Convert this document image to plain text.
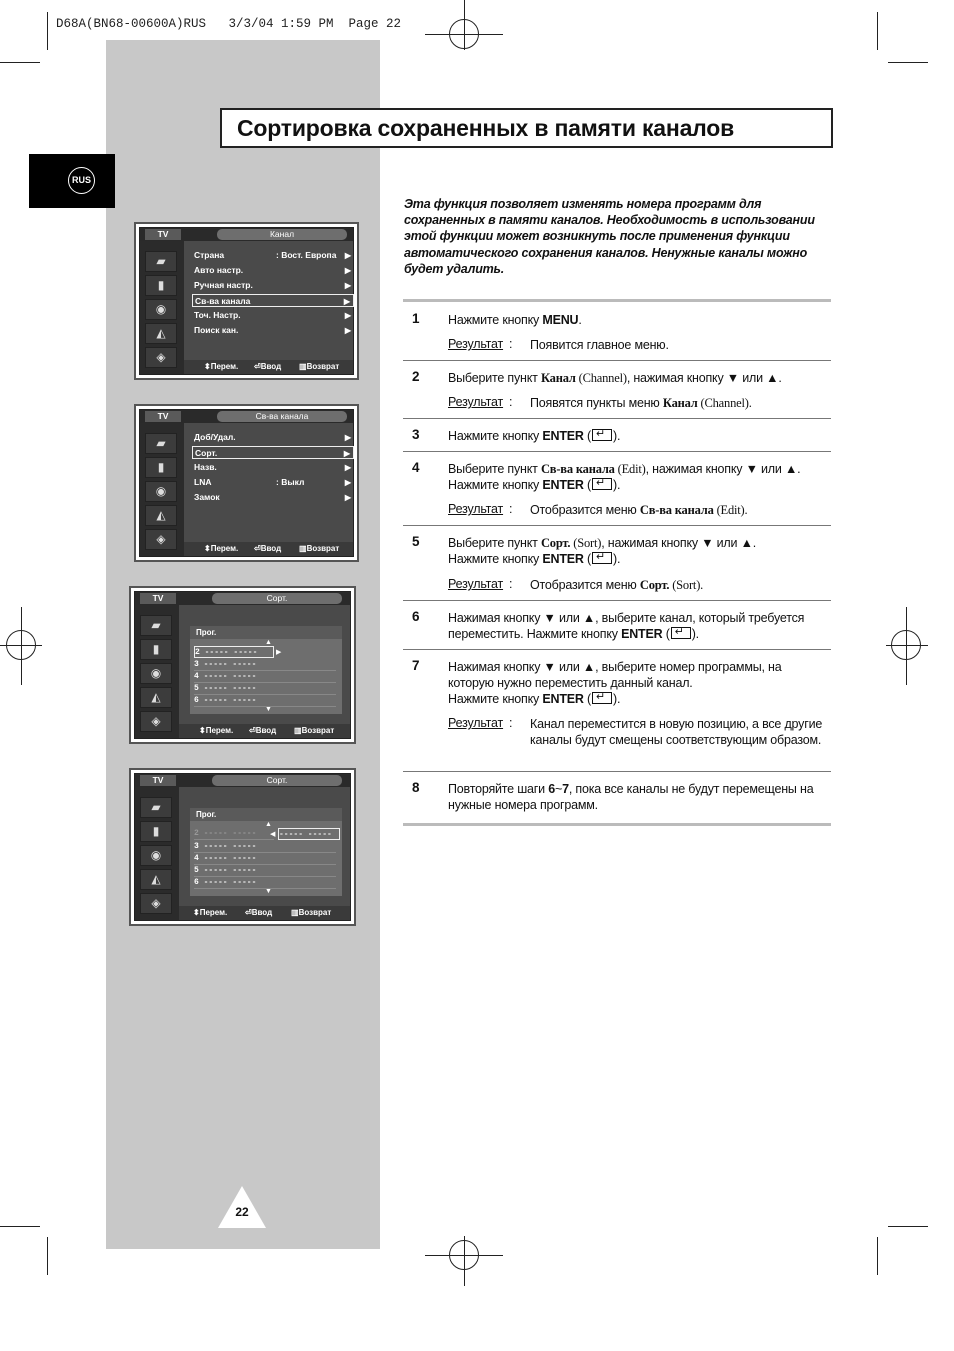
D68A(BN68-00600A)RUS   3/3/04 1:59 PM  Page 22
Сортировка сохраненных в памяти каналов
RUS
Эта функция позволяет изменять номера программ для сохраненных в памяти каналов. Необходимость в использовании этой функции может возникнуть после применения функции автоматического сохранения каналов. Ненужные каналы можно будет удалить.
TV	Канал
▰
▮
◉
◭
◈
Страна	: Вост. Европа ▶
Авто настр.	▶
Ручная настр.	▶
Св-ва канала	▶
Точ. Настр.	▶
Поиск кан.	▶
⬍ Перем. ⏎ Ввод ▥ Возврат
TV	Св-ва канала
▰
▮
◉
◭
◈
Доб/Удал.	▶
Сорт.	▶
Назв.	▶
LNA	: Выкл	▶
Замок	▶
⬍ Перем. ⏎ Ввод ▥ Возврат
TV	Сорт.
▰
▮
◉
◭
◈
Прог.
▲
2 ----- -----	▶
3 ----- -----
4 ----- -----
5 ----- -----
6 ----- -----
▼
⬍ Перем. ⏎ Ввод ▥ Возврат
TV	Сорт.
▰
▮
◉
◭
◈
Прог.
▲
2 ----- -----	◀ ----- -----
3 ----- -----
4 ----- -----
5 ----- -----
6 ----- -----
▼
⬍ Перем. ⏎ Ввод ▥ Возврат
1 Нажмите кнопку MENU.
Результат : Появится главное меню.
2 Выберите пункт Канал (Channel), нажимая кнопку ▼ или ▲.
Результат : Появятся пункты меню Канал (Channel).
3 Нажмите кнопку ENTER ( ↵ ).
4 Выберите пункт Св-ва канала (Edit), нажимая кнопку ▼ или ▲.
Нажмите кнопку ENTER ( ↵ ).
Результат : Отобразится меню Св-ва канала (Edit).
5 Выберите пункт Сорт. (Sort), нажимая кнопку ▼ или ▲.
Нажмите кнопку ENTER ( ↵ ).
Результат : Отобразится меню Сорт. (Sort).
6 Нажимая кнопку ▼ или ▲, выберите канал, который требуется переместить. Нажмите кнопку ENTER ( ↵ ).
7 Нажимая кнопку ▼ или ▲, выберите номер программы, на которую нужно переместить данный канал.
Нажмите кнопку ENTER ( ↵ ).
Результат : Канал переместится в новую позицию, а все другие каналы будут смещены соответствующим образом.
8 Повторяйте шаги 6~7, пока все каналы не будут перемещены на нужные номера программ.
22
